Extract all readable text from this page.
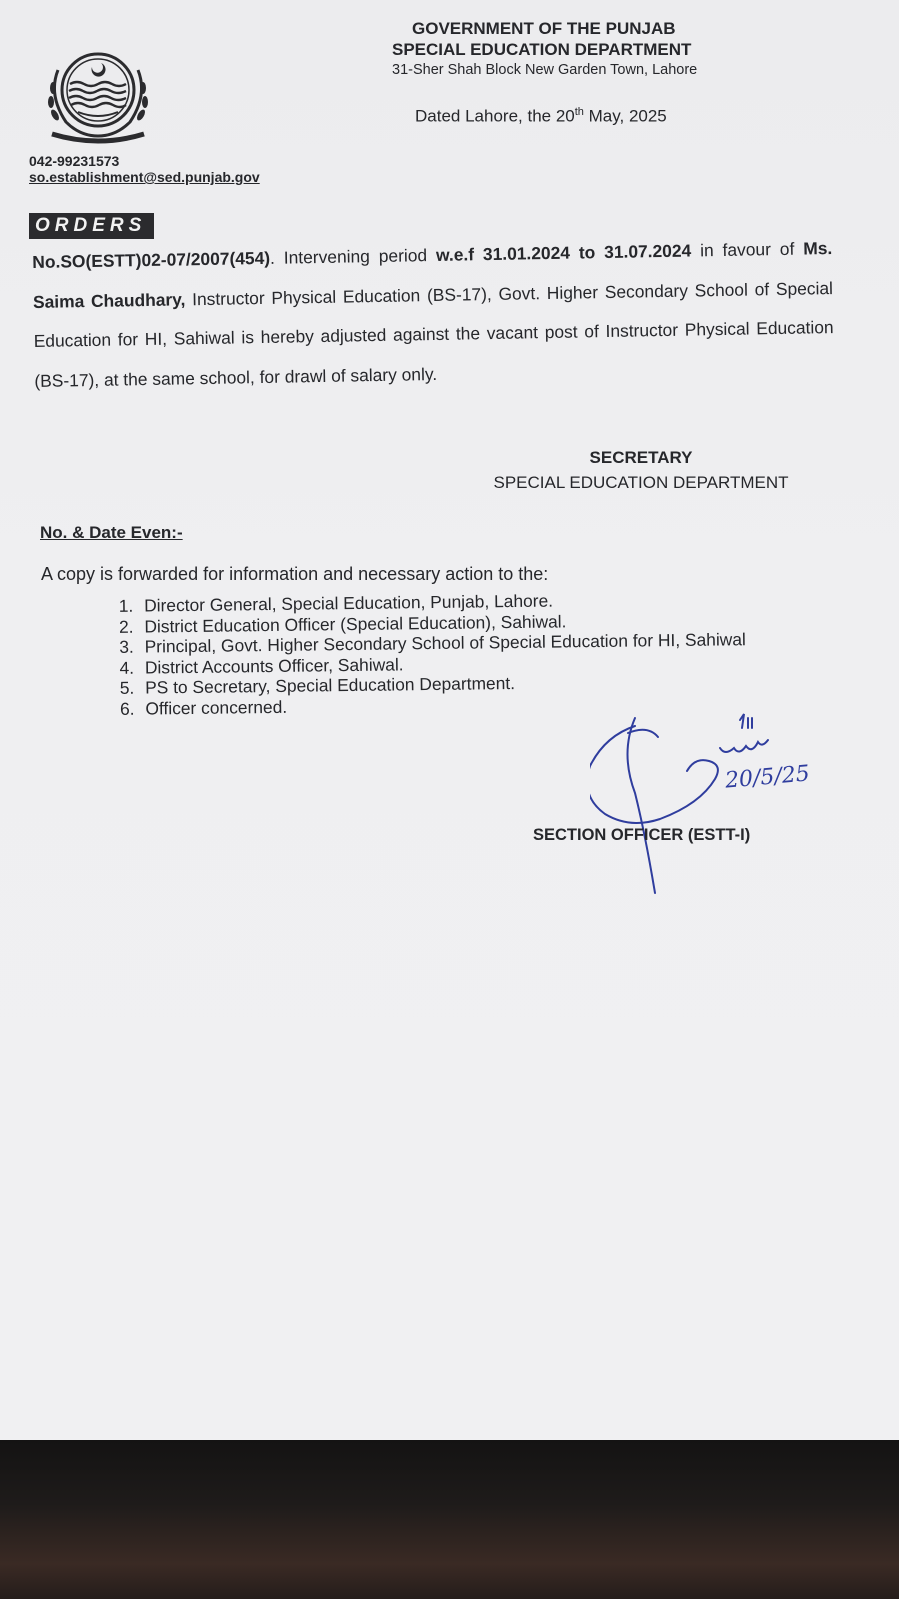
GOVERNMENT OF THE PUNJAB
SPECIAL EDUCATION DEPARTMENT
31-Sher Shah Block New Garden Town, Lahore
Dated Lahore, the 20th May, 2025
042-99231573
so.establishment@sed.punjab.gov
ORDERS
No.SO(ESTT)02-07/2007(454). Intervening period w.e.f 31.01.2024 to 31.07.2024 in favour of Ms. Saima Chaudhary, Instructor Physical Education (BS-17), Govt. Higher Secondary School of Special Education for HI, Sahiwal is hereby adjusted against the vacant post of Instructor Physical Education (BS-17), at the same school, for drawl of salary only.
SECRETARY
SPECIAL EDUCATION DEPARTMENT
No. & Date Even:-
A copy is forwarded for information and necessary action to the:
1. Director General, Special Education, Punjab, Lahore.
2. District Education Officer (Special Education), Sahiwal.
3. Principal, Govt. Higher Secondary School of Special Education for HI, Sahiwal
4. District Accounts Officer, Sahiwal.
5. PS to Secretary, Special Education Department.
6. Officer concerned.
20/5/25
SECTION OFFICER (ESTT-I)
